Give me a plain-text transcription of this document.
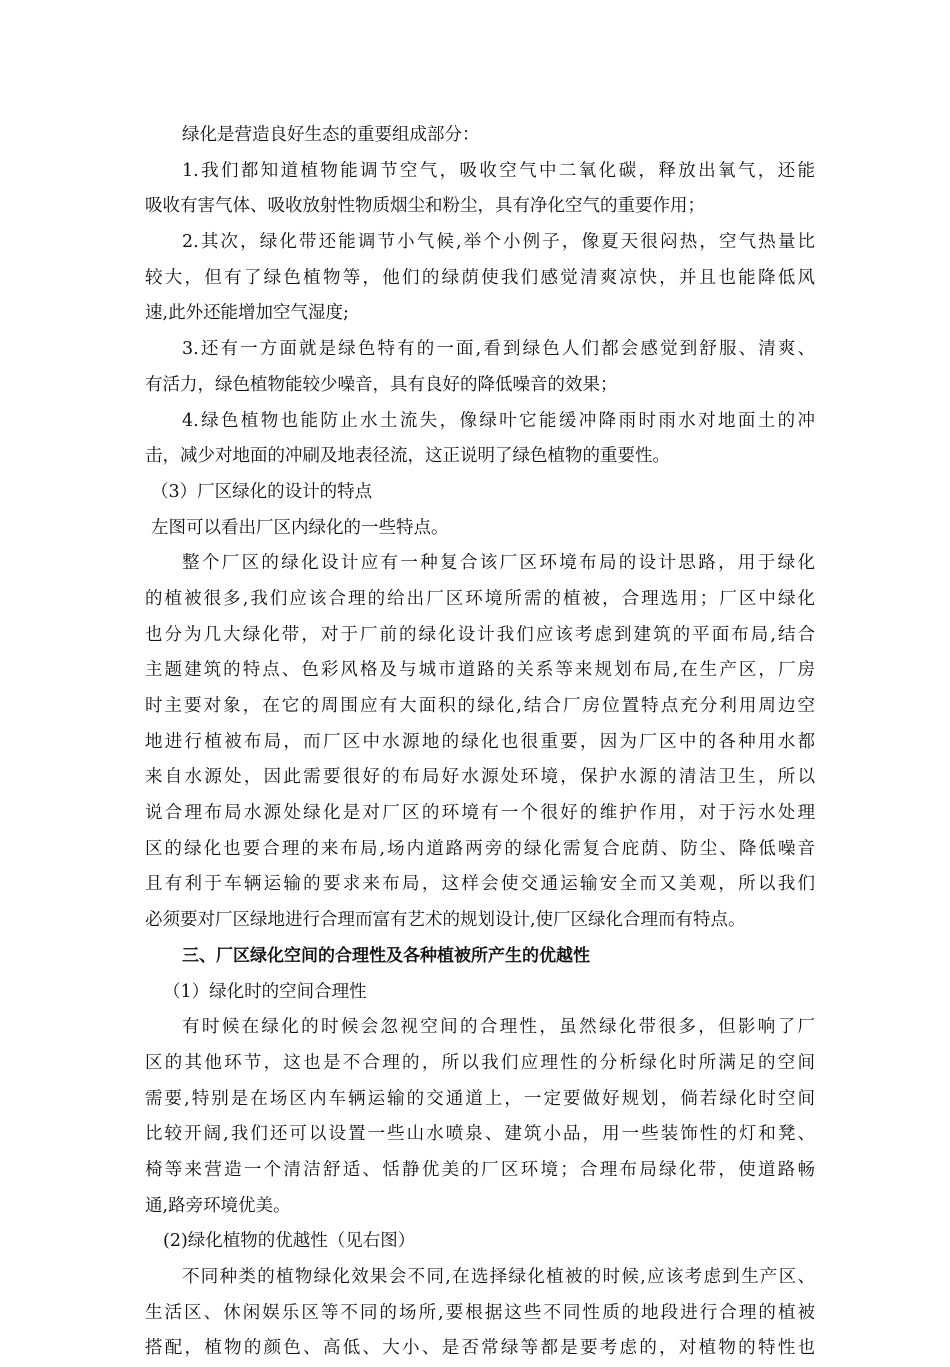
绿化是营造良好生态的重要组成部分：
1.我们都知道植物能调节空气，吸收空气中二氧化碳，释放出氧气，还能
吸收有害气体、吸收放射性物质烟尘和粉尘，具有净化空气的重要作用；
2.其次，绿化带还能调节小气候,举个小例子，像夏天很闷热，空气热量比
较大，但有了绿色植物等，他们的绿荫使我们感觉清爽凉快，并且也能降低风
速,此外还能增加空气湿度;
3.还有一方面就是绿色特有的一面,看到绿色人们都会感觉到舒服、清爽、
有活力，绿色植物能较少噪音，具有良好的降低噪音的效果；
4.绿色植物也能防止水土流失，像绿叶它能缓冲降雨时雨水对地面土的冲
击，减少对地面的冲刷及地表径流，这正说明了绿色植物的重要性。
（3）厂区绿化的设计的特点
左图可以看出厂区内绿化的一些特点。
整个厂区的绿化设计应有一种复合该厂区环境布局的设计思路，用于绿化
的植被很多,我们应该合理的给出厂区环境所需的植被，合理选用；厂区中绿化
也分为几大绿化带，对于厂前的绿化设计我们应该考虑到建筑的平面布局,结合
主题建筑的特点、色彩风格及与城市道路的关系等来规划布局,在生产区，厂房
时主要对象，在它的周围应有大面积的绿化,结合厂房位置特点充分利用周边空
地进行植被布局，而厂区中水源地的绿化也很重要，因为厂区中的各种用水都
来自水源处，因此需要很好的布局好水源处环境，保护水源的清洁卫生，所以
说合理布局水源处绿化是对厂区的环境有一个很好的维护作用，对于污水处理
区的绿化也要合理的来布局,场内道路两旁的绿化需复合庇荫、防尘、降低噪音
且有利于车辆运输的要求来布局，这样会使交通运输安全而又美观，所以我们
必须要对厂区绿地进行合理而富有艺术的规划设计,使厂区绿化合理而有特点。
三、厂区绿化空间的合理性及各种植被所产生的优越性
（1）绿化时的空间合理性
有时候在绿化的时候会忽视空间的合理性，虽然绿化带很多，但影响了厂
区的其他环节，这也是不合理的，所以我们应理性的分析绿化时所满足的空间
需要,特别是在场区内车辆运输的交通道上，一定要做好规划，倘若绿化时空间
比较开阔,我们还可以设置一些山水喷泉、建筑小品，用一些装饰性的灯和凳、
椅等来营造一个清洁舒适、恬静优美的厂区环境；合理布局绿化带，使道路畅
通,路旁环境优美。
(2)绿化植物的优越性（见右图）
不同种类的植物绿化效果会不同,在选择绿化植被的时候,应该考虑到生产区、
生活区、休闲娱乐区等不同的场所,要根据这些不同性质的地段进行合理的植被
搭配，植物的颜色、高低、大小、是否常绿等都是要考虑的，对植物的特性也
